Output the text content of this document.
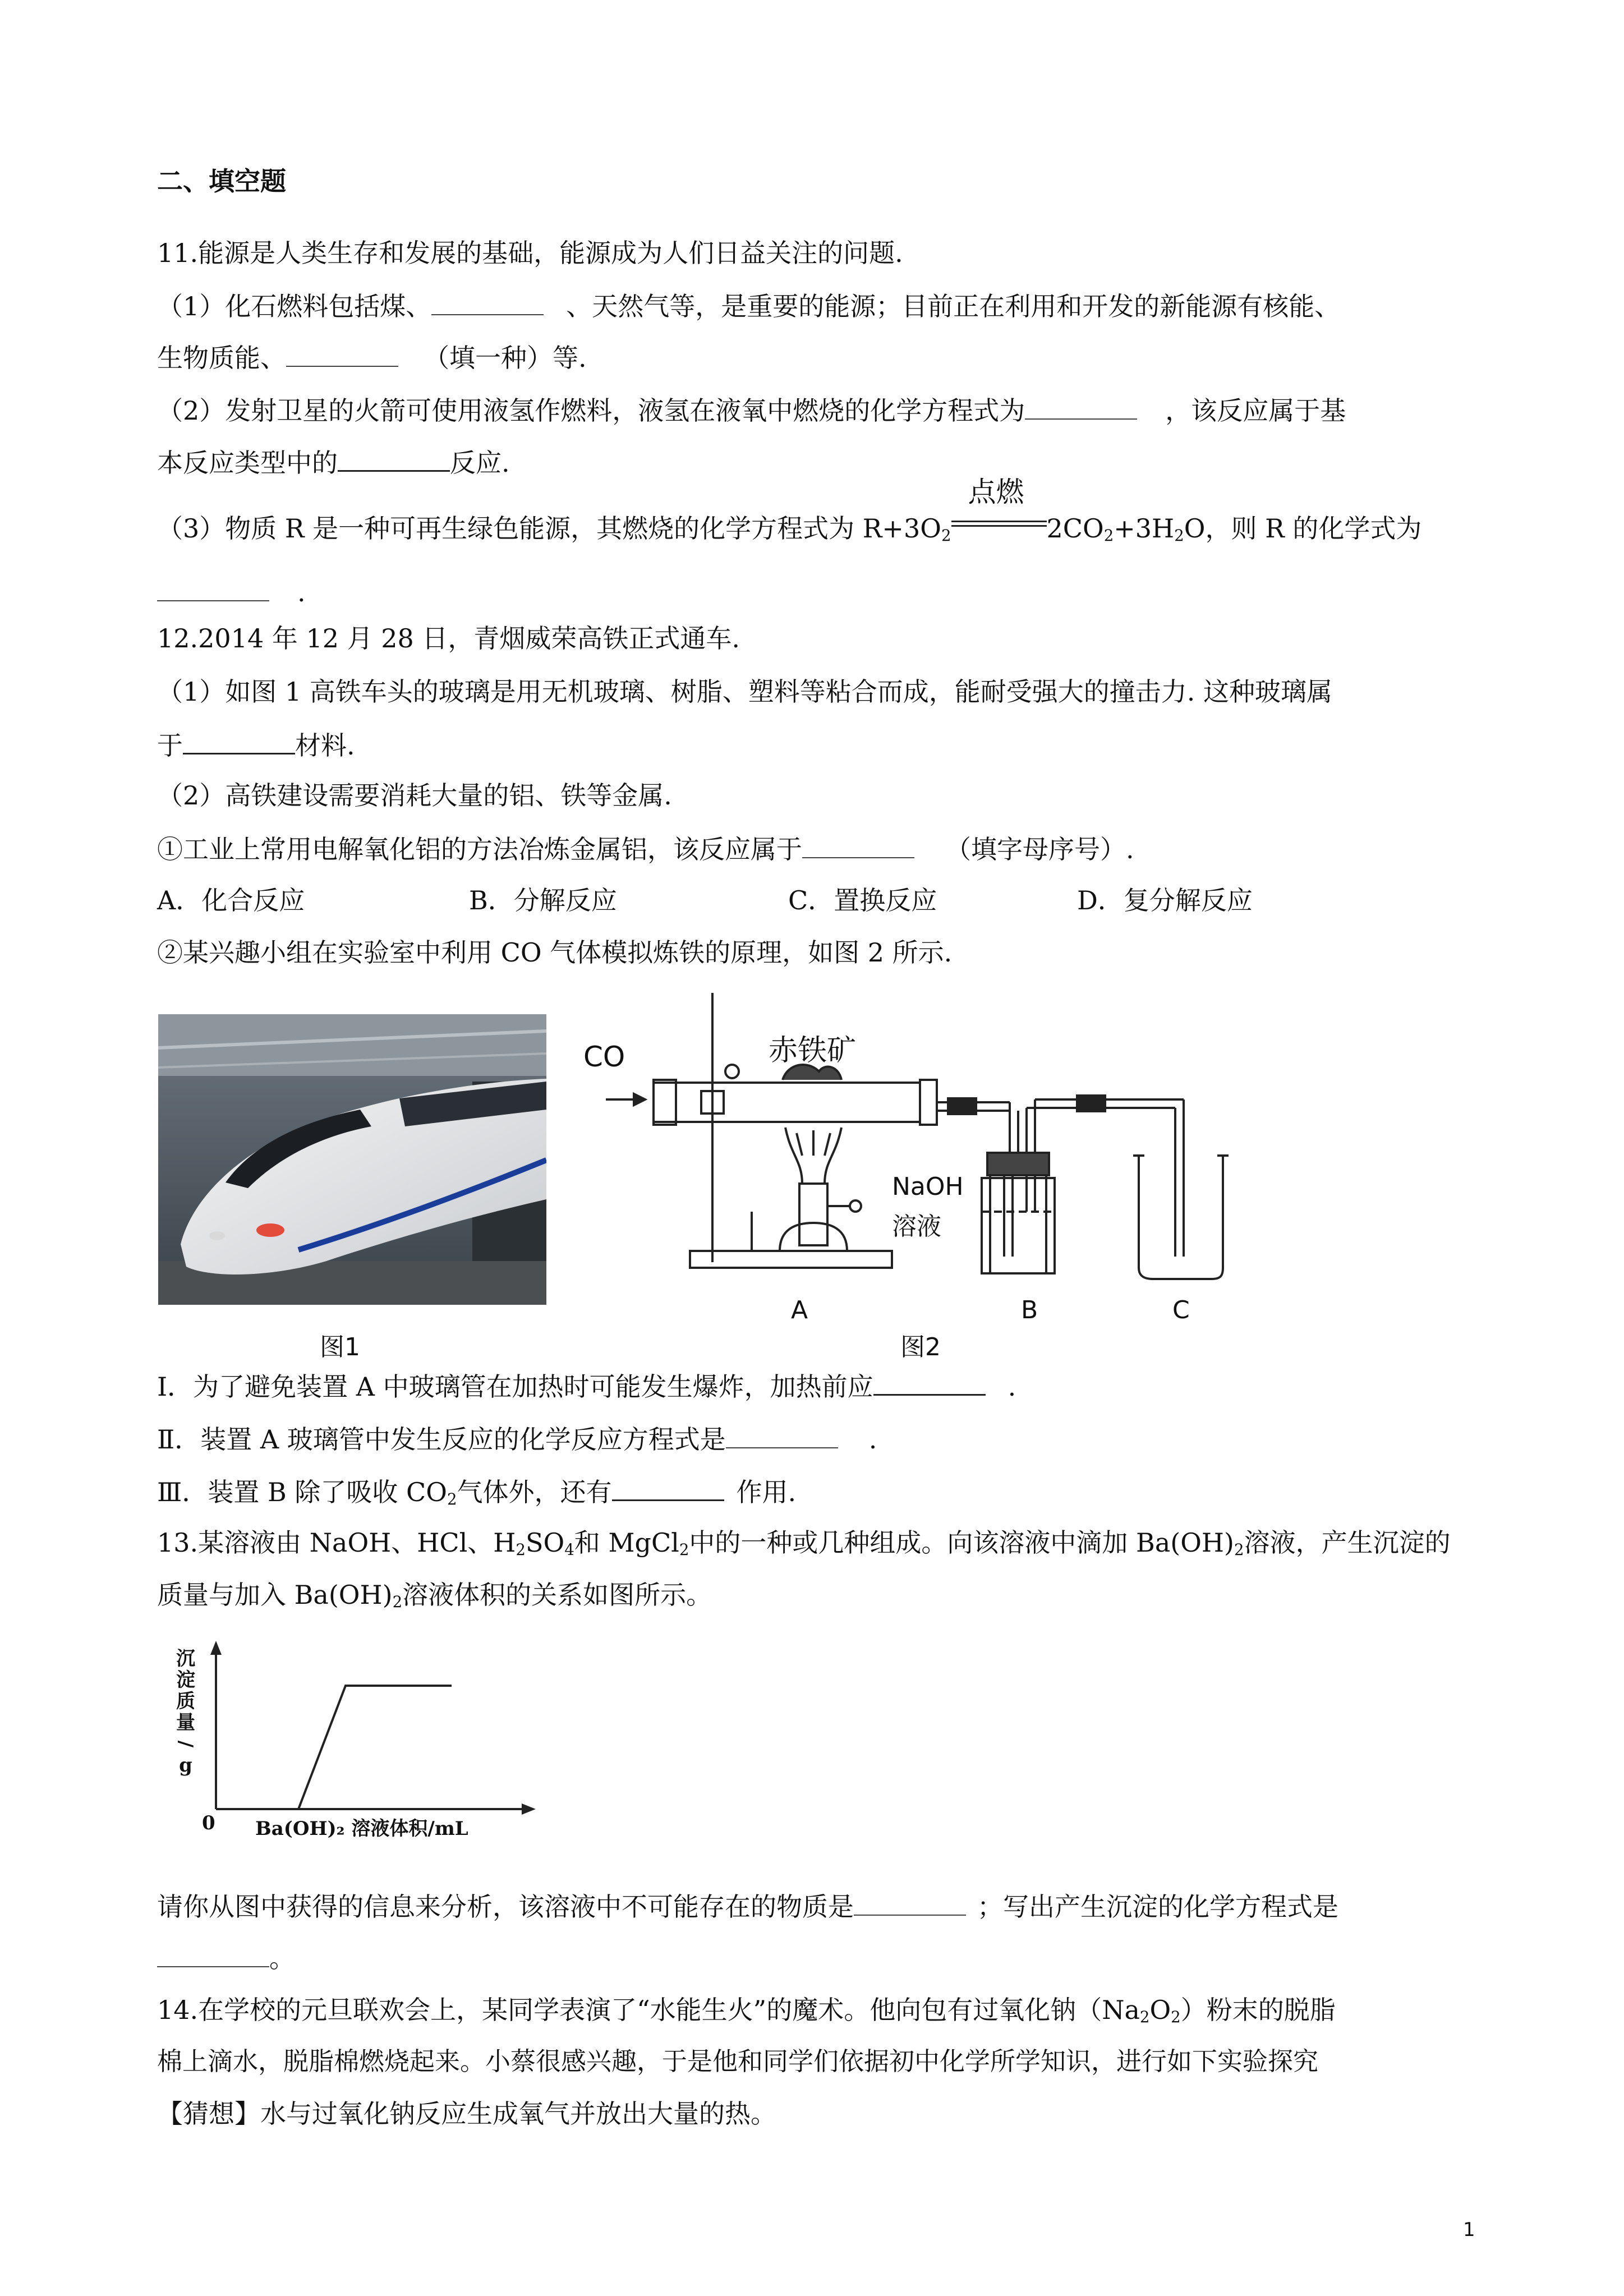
二、填空题
11.能源是人类生存和发展的基础，能源成为人们日益关注的问题.
（1）化石燃料包括煤、	、天然气等，是重要的能源；目前正在利用和开发的新能源有核能、
生物质能、	（填一种）等.
（2）发射卫星的火箭可使用液氢作燃料，液氢在液氧中燃烧的化学方程式为	，该反应属于基
本反应类型中的	反应.
（3）物质 R 是一种可再生绿色能源，其燃烧的化学方程式为 $R+3O_2$
点燃
$2CO_2+3H_2O$，则 R 的化学式为
.
12.2014 年 12 月 28 日，青烟威荣高铁正式通车.
（1）如图 1 高铁车头的玻璃是用无机玻璃、树脂、塑料等粘合而成，能耐受强大的撞击力. 这种玻璃属
于	材料.
（2）高铁建设需要消耗大量的铝、铁等金属.
①工业上常用电解氧化铝的方法冶炼金属铝，该反应属于	（填字母序号）.
A．化合反应	B．分解反应	C．置换反应	D．复分解反应
②某兴趣小组在实验室中利用 CO 气体模拟炼铁的原理，如图 2 所示.
CO	赤铁矿
NaOH
溶液
A	B	C
图1	图2
Ⅰ．为了避免装置 A 中玻璃管在加热时可能发生爆炸，加热前应	.
Ⅱ．装置 A 玻璃管中发生反应的化学反应方程式是	.
Ⅲ．装置 B 除了吸收 $CO_2$气体外，还有	作用.
13.某溶液由 NaOH、HCl、$H_2SO_4$和 MgCl$_2$中的一种或几种组成。向该溶液中滴加 $Ba(OH)_2$溶液，产生沉淀的
质量与加入 $Ba(OH)_2$溶液体积的关系如图所示。
沉
淀
质
量
/
g
0 Ba(OH)₂ 溶液体积/mL
请你从图中获得的信息来分析，该溶液中不可能存在的物质是	；写出产生沉淀的化学方程式是
。
14.在学校的元旦联欢会上，某同学表演了“水能生火”的魔术。他向包有过氧化钠$(Na_2O_2)$粉末的脱脂
棉上滴水，脱脂棉燃烧起来。小蔡很感兴趣，于是他和同学们依据初中化学所学知识，进行如下实验探究
【猜想】水与过氧化钠反应生成氧气并放出大量的热。
1
